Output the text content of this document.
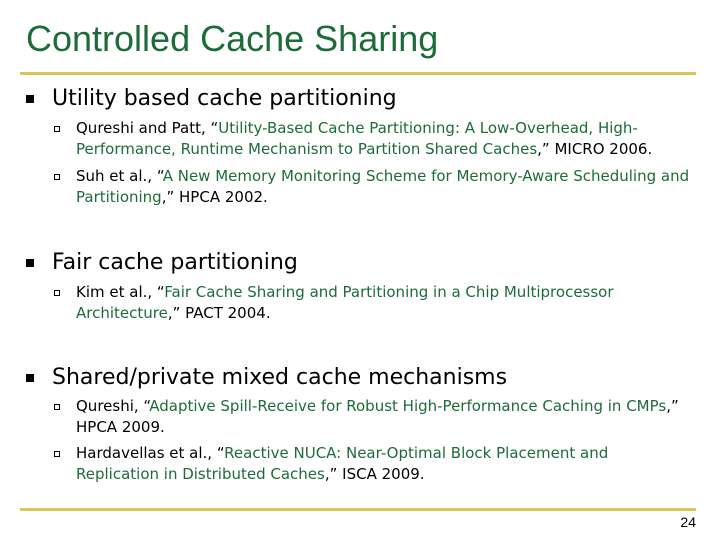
Controlled Cache Sharing
Utility based cache partitioning
Qureshi and Patt, “Utility-Based Cache Partitioning: A Low-Overhead, High-Performance, Runtime Mechanism to Partition Shared Caches,” MICRO 2006.
Suh et al., “A New Memory Monitoring Scheme for Memory-Aware Scheduling and Partitioning,” HPCA 2002.
Fair cache partitioning
Kim et al., “Fair Cache Sharing and Partitioning in a Chip Multiprocessor Architecture,” PACT 2004.
Shared/private mixed cache mechanisms
Qureshi, “Adaptive Spill-Receive for Robust High-Performance Caching in CMPs,” HPCA 2009.
Hardavellas et al., “Reactive NUCA: Near-Optimal Block Placement and Replication in Distributed Caches,” ISCA 2009.
24
